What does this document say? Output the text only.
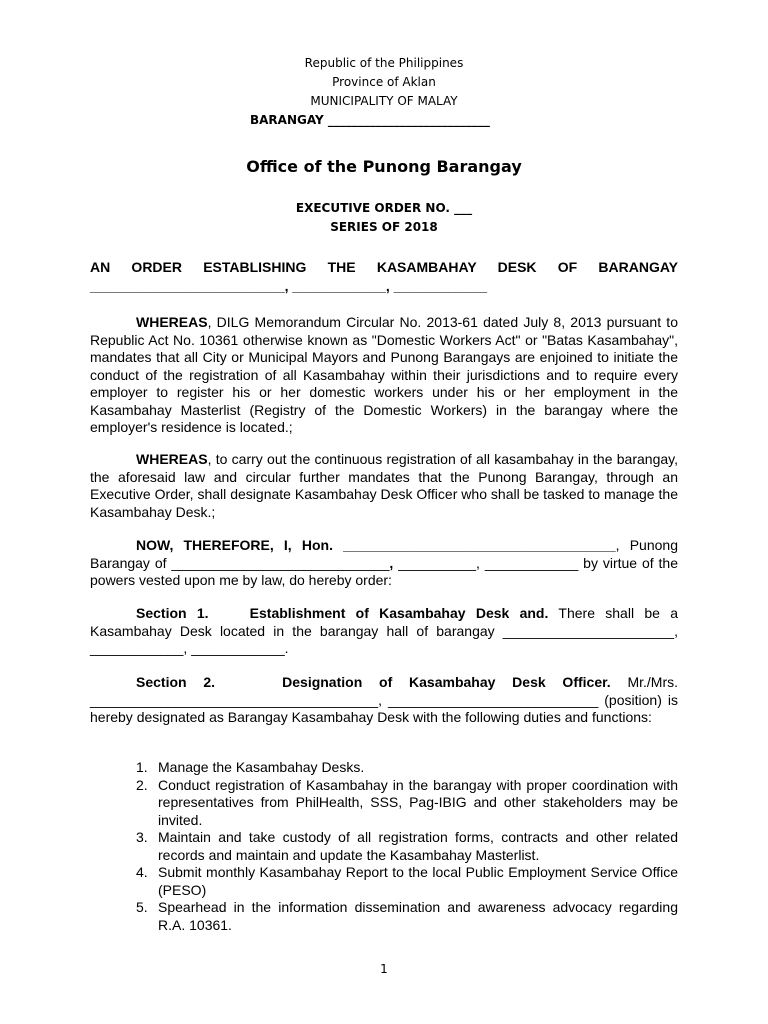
Republic of the Philippines
Province of Aklan
MUNICIPALITY OF MALAY
BARANGAY ___________________________
Office of the Punong Barangay
EXECUTIVE ORDER NO. ___
SERIES OF 2018
AN ORDER ESTABLISHING THE KASAMBAHAY DESK OF BARANGAY
_________________________, ____________, ____________
WHEREAS, DILG Memorandum Circular No. 2013-61 dated July 8, 2013 pursuant to Republic Act No. 10361 otherwise known as "Domestic Workers Act" or "Batas Kasambahay", mandates that all City or Municipal Mayors and Punong Barangays are enjoined to initiate the conduct of the registration of all Kasambahay within their jurisdictions and to require every employer to register his or her domestic workers under his or her employment in the Kasambahay Masterlist (Registry of the Domestic Workers) in the barangay where the employer's residence is located.;
WHEREAS, to carry out the continuous registration of all kasambahay in the barangay, the aforesaid law and circular further mandates that the Punong Barangay, through an Executive Order, shall designate Kasambahay Desk Officer who shall be tasked to manage the Kasambahay Desk.;
NOW, THEREFORE, I, Hon. ___________________________________, Punong Barangay of ____________________________, __________, ____________ by virtue of the powers vested upon me by law, do hereby order:
Section 1.    Establishment of Kasambahay Desk and. There shall be a Kasambahay Desk located in the barangay hall of barangay ______________________, ____________, ____________.
Section 2.    Designation of Kasambahay Desk Officer. Mr./Mrs. _____________________________________, ___________________________ (position) is hereby designated as Barangay Kasambahay Desk with the following duties and functions:
1. Manage the Kasambahay Desks.
2. Conduct registration of Kasambahay in the barangay with proper coordination with representatives from PhilHealth, SSS, Pag-IBIG and other stakeholders may be invited.
3. Maintain and take custody of all registration forms, contracts and other related records and maintain and update the Kasambahay Masterlist.
4. Submit monthly Kasambahay Report to the local Public Employment Service Office (PESO)
5. Spearhead in the information dissemination and awareness advocacy regarding R.A. 10361.
1
